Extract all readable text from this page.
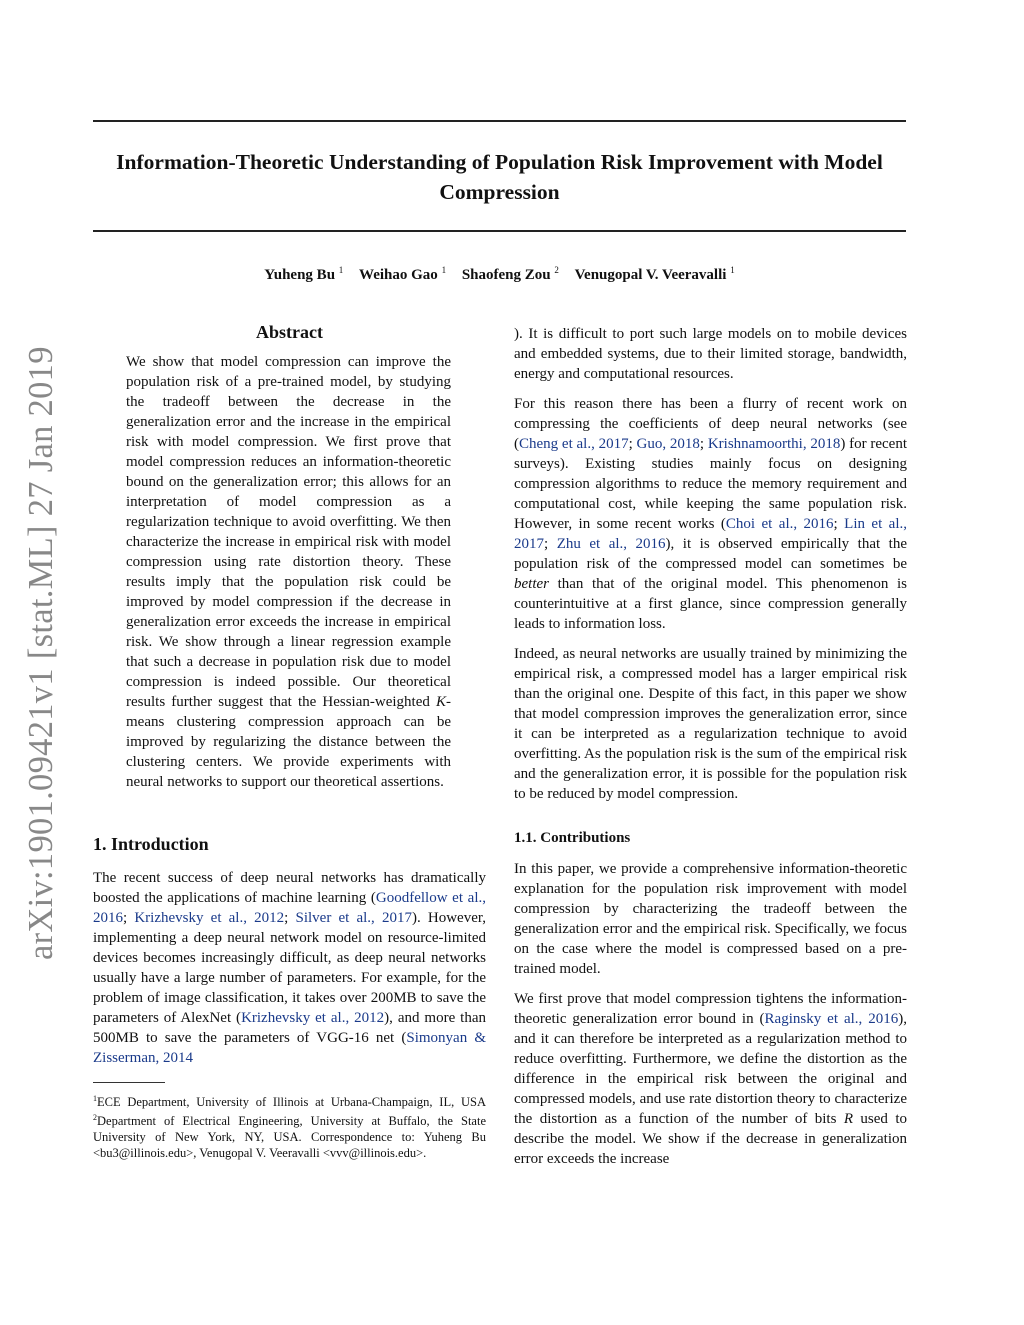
Information-Theoretic Understanding of Population Risk Improvement with Model Compression
Yuheng Bu $^1$ Weihao Gao $^1$ Shaofeng Zou $^2$ Venugopal V. Veeravalli $^1$
arXiv:1901.09421v1 [stat.ML] 27 Jan 2019
Abstract
We show that model compression can improve the population risk of a pre-trained model, by studying the tradeoff between the decrease in the generalization error and the increase in the empirical risk with model compression. We first prove that model compression reduces an information-theoretic bound on the generalization error; this allows for an interpretation of model compression as a regularization technique to avoid overfitting. We then characterize the increase in empirical risk with model compression using rate distortion theory. These results imply that the population risk could be improved by model compression if the decrease in generalization error exceeds the increase in empirical risk. We show through a linear regression example that such a decrease in population risk due to model compression is indeed possible. Our theoretical results further suggest that the Hessian-weighted K-means clustering compression approach can be improved by regularizing the distance between the clustering centers. We provide experiments with neural networks to support our theoretical assertions.
1. Introduction

The recent success of deep neural networks has dramatically boosted the applications of machine learning (Goodfellow et al., 2016; Krizhevsky et al., 2012; Silver et al., 2017). However, implementing a deep neural network model on resource-limited devices becomes increasingly difficult, as deep neural networks usually have a large number of parameters. For example, for the problem of image classification, it takes over 200MB to save the parameters of AlexNet (Krizhevsky et al., 2012), and more than 500MB to save the parameters of VGG-16 net (Simonyan & Zisserman, 2014

$^1$ECE Department, University of Illinois at Urbana-Champaign, IL, USA $^2$Department of Electrical Engineering, University at Buffalo, the State University of New York, NY, USA. Correspondence to: Yuheng Bu <bu3@illinois.edu>, Venugopal V. Veeravalli <vvv@illinois.edu>.

). It is difficult to port such large models on to mobile devices and embedded systems, due to their limited storage, bandwidth, energy and computational resources.

For this reason there has been a flurry of recent work on compressing the coefficients of deep neural networks (see (Cheng et al., 2017; Guo, 2018; Krishnamoorthi, 2018) for recent surveys). Existing studies mainly focus on designing compression algorithms to reduce the memory requirement and computational cost, while keeping the same population risk. However, in some recent works (Choi et al., 2016; Lin et al., 2017; Zhu et al., 2016), it is observed empirically that the population risk of the compressed model can sometimes be better than that of the original model. This phenomenon is counterintuitive at a first glance, since compression generally leads to information loss.

Indeed, as neural networks are usually trained by minimizing the empirical risk, a compressed model has a larger empirical risk than the original one. Despite of this fact, in this paper we show that model compression improves the generalization error, since it can be interpreted as a regularization technique to avoid overfitting. As the population risk is the sum of the empirical risk and the generalization error, it is possible for the population risk to be reduced by model compression.

1.1. Contributions

In this paper, we provide a comprehensive information-theoretic explanation for the population risk improvement with model compression by characterizing the tradeoff between the generalization error and the empirical risk. Specifically, we focus on the case where the model is compressed based on a pre-trained model.

We first prove that model compression tightens the information-theoretic generalization error bound in (Raginsky et al., 2016), and it can therefore be interpreted as a regularization method to reduce overfitting. Furthermore, we define the distortion as the difference in the empirical risk between the original and compressed models, and use rate distortion theory to characterize the distortion as a function of the number of bits R used to describe the model. We show if the decrease in generalization error exceeds the increase
